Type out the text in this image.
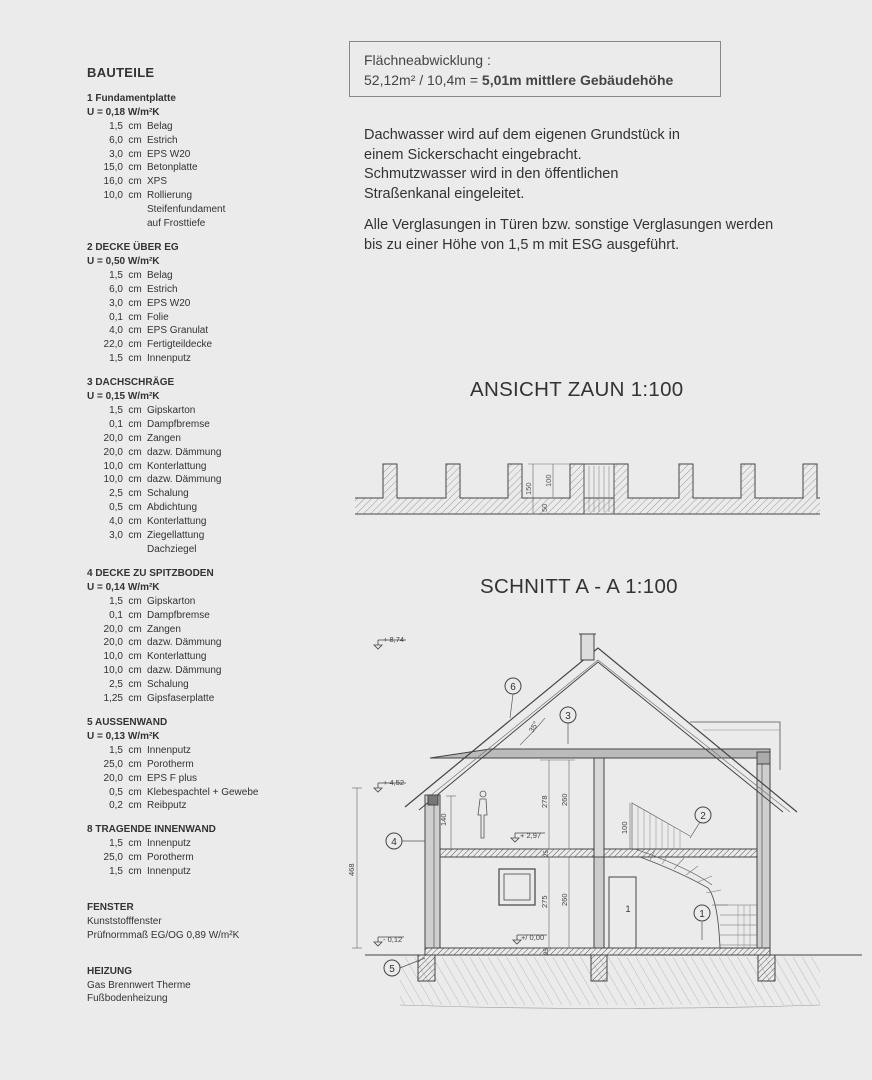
BAUTEILE
1 Fundamentplatte
U = 0,18 W/m²K
1,5 cm Belag
6,0 cm Estrich
3,0 cm EPS W20
15,0 cm Betonplatte
16,0 cm XPS
10,0 cm Rollierung
Steifenfundament
auf Frosttiefe
2 DECKE ÜBER EG
U = 0,50 W/m²K
1,5 cm Belag
6,0 cm Estrich
3,0 cm EPS W20
0,1 cm Folie
4,0 cm EPS Granulat
22,0 cm Fertigteildecke
1,5 cm Innenputz
3 DACHSCHRÄGE
U = 0,15 W/m²K
1,5 cm Gipskarton
0,1 cm Dampfbremse
20,0 cm Zangen
20,0 cm dazw. Dämmung
10,0 cm Konterlattung
10,0 cm dazw. Dämmung
2,5 cm Schalung
0,5 cm Abdichtung
4,0 cm Konterlattung
3,0 cm Ziegellattung
Dachziegel
4 DECKE ZU SPITZBODEN
U = 0,14 W/m²K
1,5 cm Gipskarton
0,1 cm Dampfbremse
20,0 cm Zangen
20,0 cm dazw. Dämmung
10,0 cm Konterlattung
10,0 cm dazw. Dämmung
2,5 cm Schalung
1,25 cm Gipsfaserplatte
5 AUSSENWAND
U = 0,13 W/m²K
1,5 cm Innenputz
25,0 cm Porotherm
20,0 cm EPS F plus
0,5 cm Klebespachtel + Gewebe
0,2 cm Reibputz
8 TRAGENDE INNENWAND
1,5 cm Innenputz
25,0 cm Porotherm
1,5 cm Innenputz
FENSTER
Kunststofffenster
Prüfnormmaß EG/OG 0,89 W/m²K
HEIZUNG
Gas Brennwert Therme
Fußbodenheizung
Flächneabwicklung :
52,12m² / 10,4m = 5,01m mittlere Gebäudehöhe
Dachwasser wird auf dem eigenen Grundstück in
einem Sickerschacht eingebracht.
Schmutzwasser wird in den öffentlichen
Straßenkanal eingeleitet.
Alle Verglasungen in Türen bzw. sonstige Verglasungen werden
bis zu einer Höhe von 1,5 m mit ESG ausgeführt.
ANSICHT ZAUN 1:100
SCHNITT A - A 1:100
150
100
50
6
3
2
4
1
5
1
+ 8,74
+ 4,52
+ 2,97
+/ 0,00
- 0,12
278 260
140
100
468
275 260
25
25
35°
